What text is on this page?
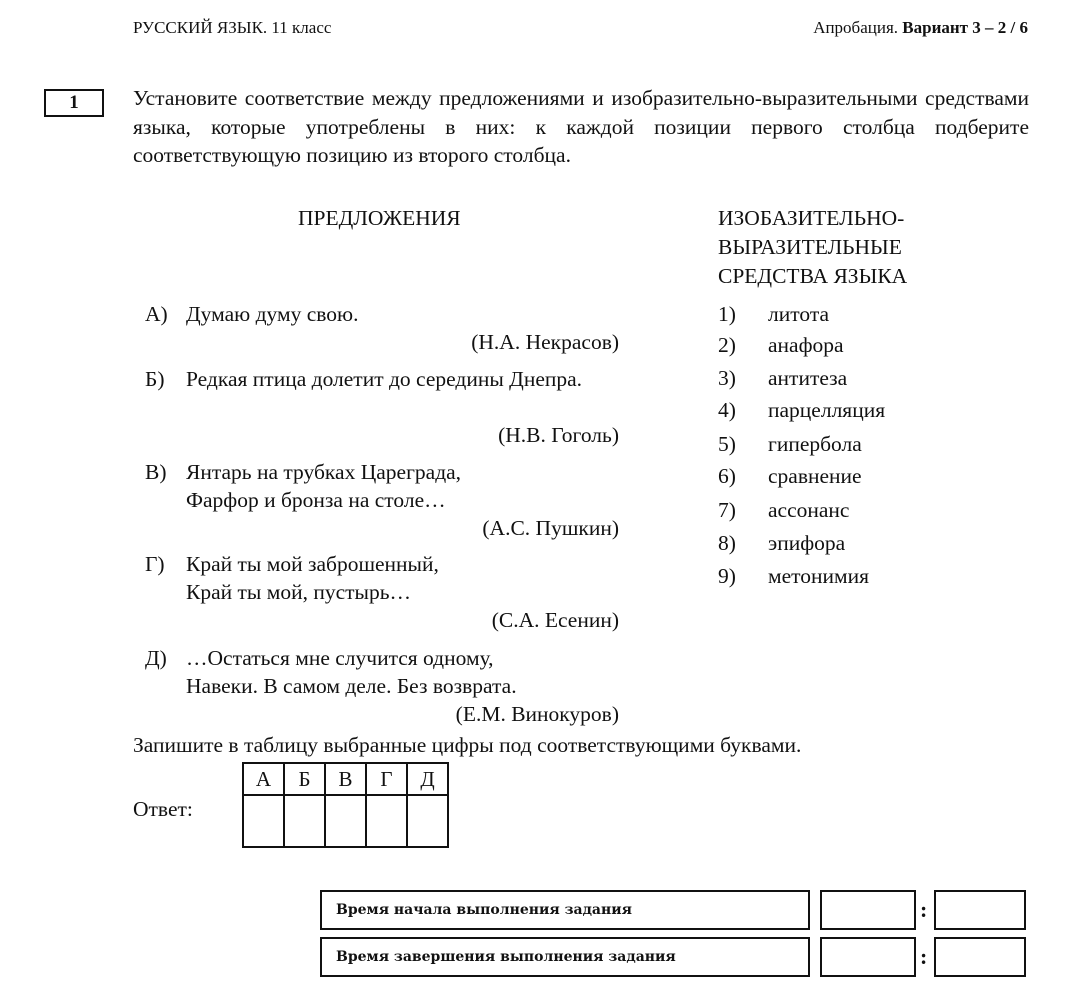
РУССКИЙ ЯЗЫК. 11 класс	Апробация. Вариант 3 – 2 / 6
1	Установите соответствие между предложениями и изобразительно-выразительными средствами языка, которые употреблены в них: к каждой позиции первого столбца подберите соответствующую позицию из второго столбца.
ПРЕДЛОЖЕНИЯ
А) Думаю думу свою.
(Н.А. Некрасов)
Б) Редкая птица долетит до середины Днепра.
(Н.В. Гоголь)
В) Янтарь на трубках Цареграда,
Фарфор и бронза на столе…
(А.С. Пушкин)
Г) Край ты мой заброшенный,
Край ты мой, пустырь…
(С.А. Есенин)
Д) …Остаться мне случится одному,
Навеки. В самом деле. Без возврата.
(Е.М. Винокуров)
ИЗОБАЗИТЕЛЬНО-
ВЫРАЗИТЕЛЬНЫЕ
СРЕДСТВА ЯЗЫКА
1) литота
2) анафора
3) антитеза
4) парцелляция
5) гипербола
6) сравнение
7) ассонанс
8) эпифора
9) метонимия
Запишите в таблицу выбранные цифры под соответствующими буквами.
Ответ:
А	Б	В	Г	Д

Время начала выполнения задания	:
Время завершения выполнения задания	:
